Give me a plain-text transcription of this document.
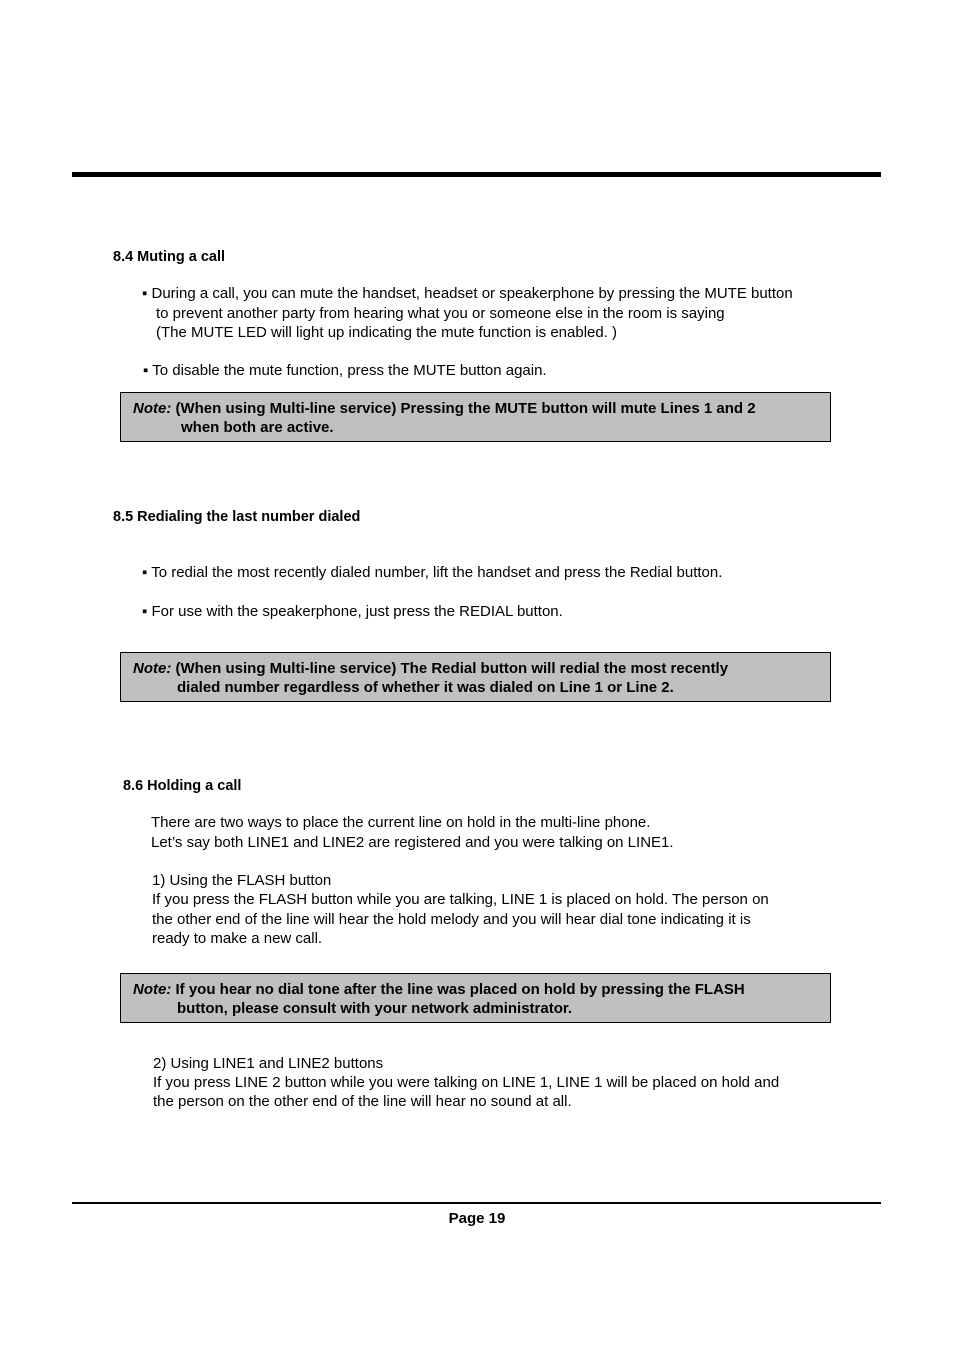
8.4 Muting a call
▪ During a call, you can mute the handset, headset or speakerphone by pressing the MUTE button
to prevent another party from hearing what you or someone else in the room is saying
(The MUTE LED will light up indicating the mute function is enabled. )
▪ To disable the mute function, press the MUTE button again.
Note: (When using Multi-line service) Pressing the MUTE button will mute Lines 1 and 2
when both are active.
8.5 Redialing the last number dialed
▪ To redial the most recently dialed number, lift the handset and press the Redial button.
▪ For use with the speakerphone, just press the REDIAL button.
Note: (When using Multi-line service) The Redial button will redial the most recently
dialed number regardless of whether it was dialed on Line 1 or Line 2.
8.6 Holding a call
There are two ways to place the current line on hold in the multi-line phone.
Let’s say both LINE1 and LINE2 are registered and you were talking on LINE1.
1) Using the FLASH button
If you press the FLASH button while you are talking, LINE 1 is placed on hold. The person on
the other end of the line will hear the hold melody and you will hear dial tone indicating it is
ready to make a new call.
Note: If you hear no dial tone after the line was placed on hold by pressing the FLASH
button, please consult with your network administrator.
2) Using LINE1 and LINE2 buttons
If you press LINE 2 button while you were talking on LINE 1, LINE 1 will be placed on hold and
the person on the other end of the line will hear no sound at all.
Page 19
